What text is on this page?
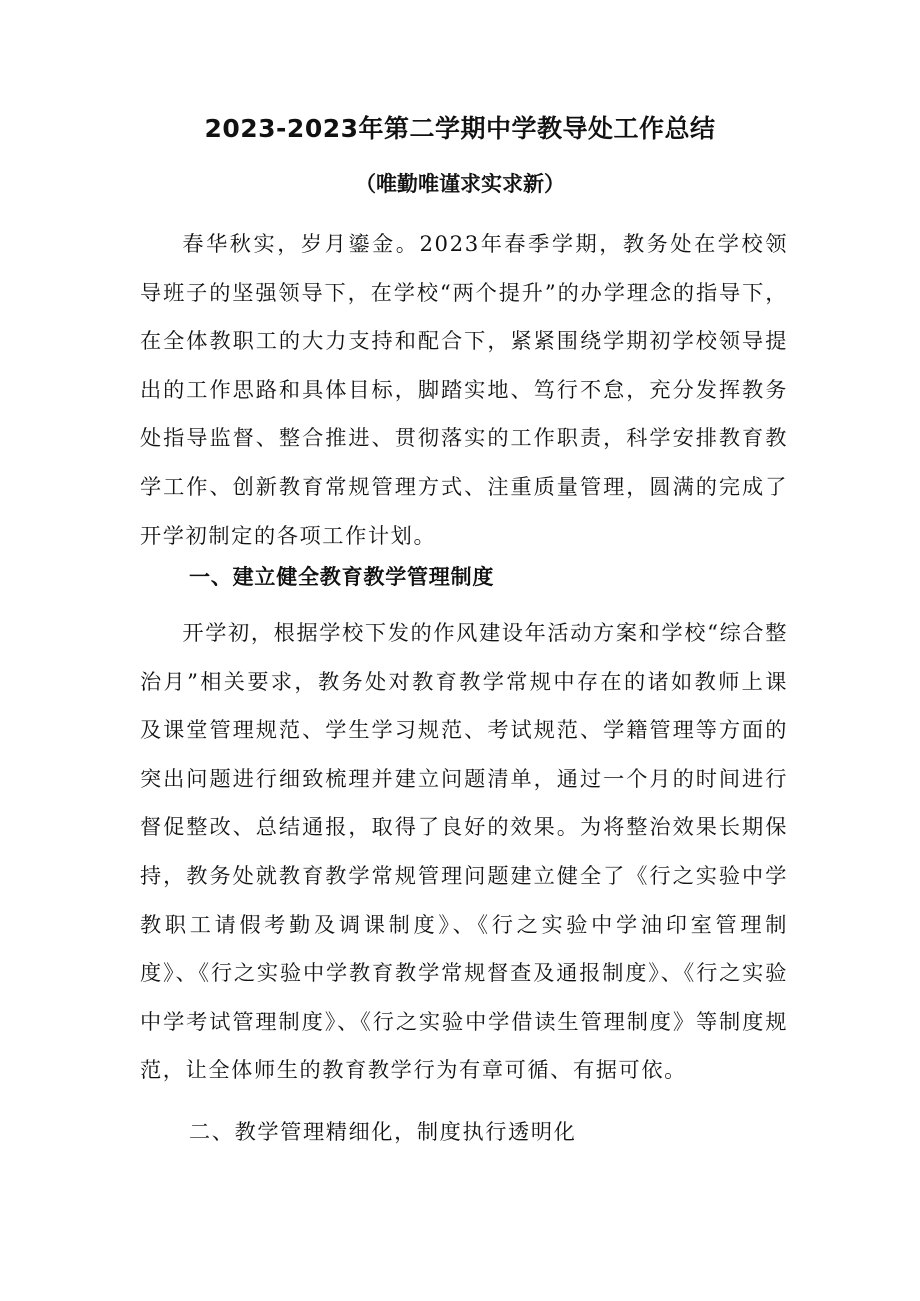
2023-2023年第二学期中学教导处工作总结
（唯勤唯谨求实求新）

春华秋实，岁月鎏金。2023年春季学期，教务处在学校领导班子的坚强领导下，在学校“两个提升”的办学理念的指导下，在全体教职工的大力支持和配合下，紧紧围绕学期初学校领导提出的工作思路和具体目标，脚踏实地、笃行不怠，充分发挥教务处指导监督、整合推进、贯彻落实的工作职责，科学安排教育教学工作、创新教育常规管理方式、注重质量管理，圆满的完成了开学初制定的各项工作计划。

一、建立健全教育教学管理制度

开学初，根据学校下发的作风建设年活动方案和学校“综合整治月”相关要求，教务处对教育教学常规中存在的诸如教师上课及课堂管理规范、学生学习规范、考试规范、学籍管理等方面的突出问题进行细致梳理并建立问题清单，通过一个月的时间进行督促整改、总结通报，取得了良好的效果。为将整治效果长期保持，教务处就教育教学常规管理问题建立健全了《行之实验中学教职工请假考勤及调课制度》、《行之实验中学油印室管理制度》、《行之实验中学教育教学常规督查及通报制度》、《行之实验中学考试管理制度》、《行之实验中学借读生管理制度》等制度规范，让全体师生的教育教学行为有章可循、有据可依。

二、教学管理精细化，制度执行透明化
